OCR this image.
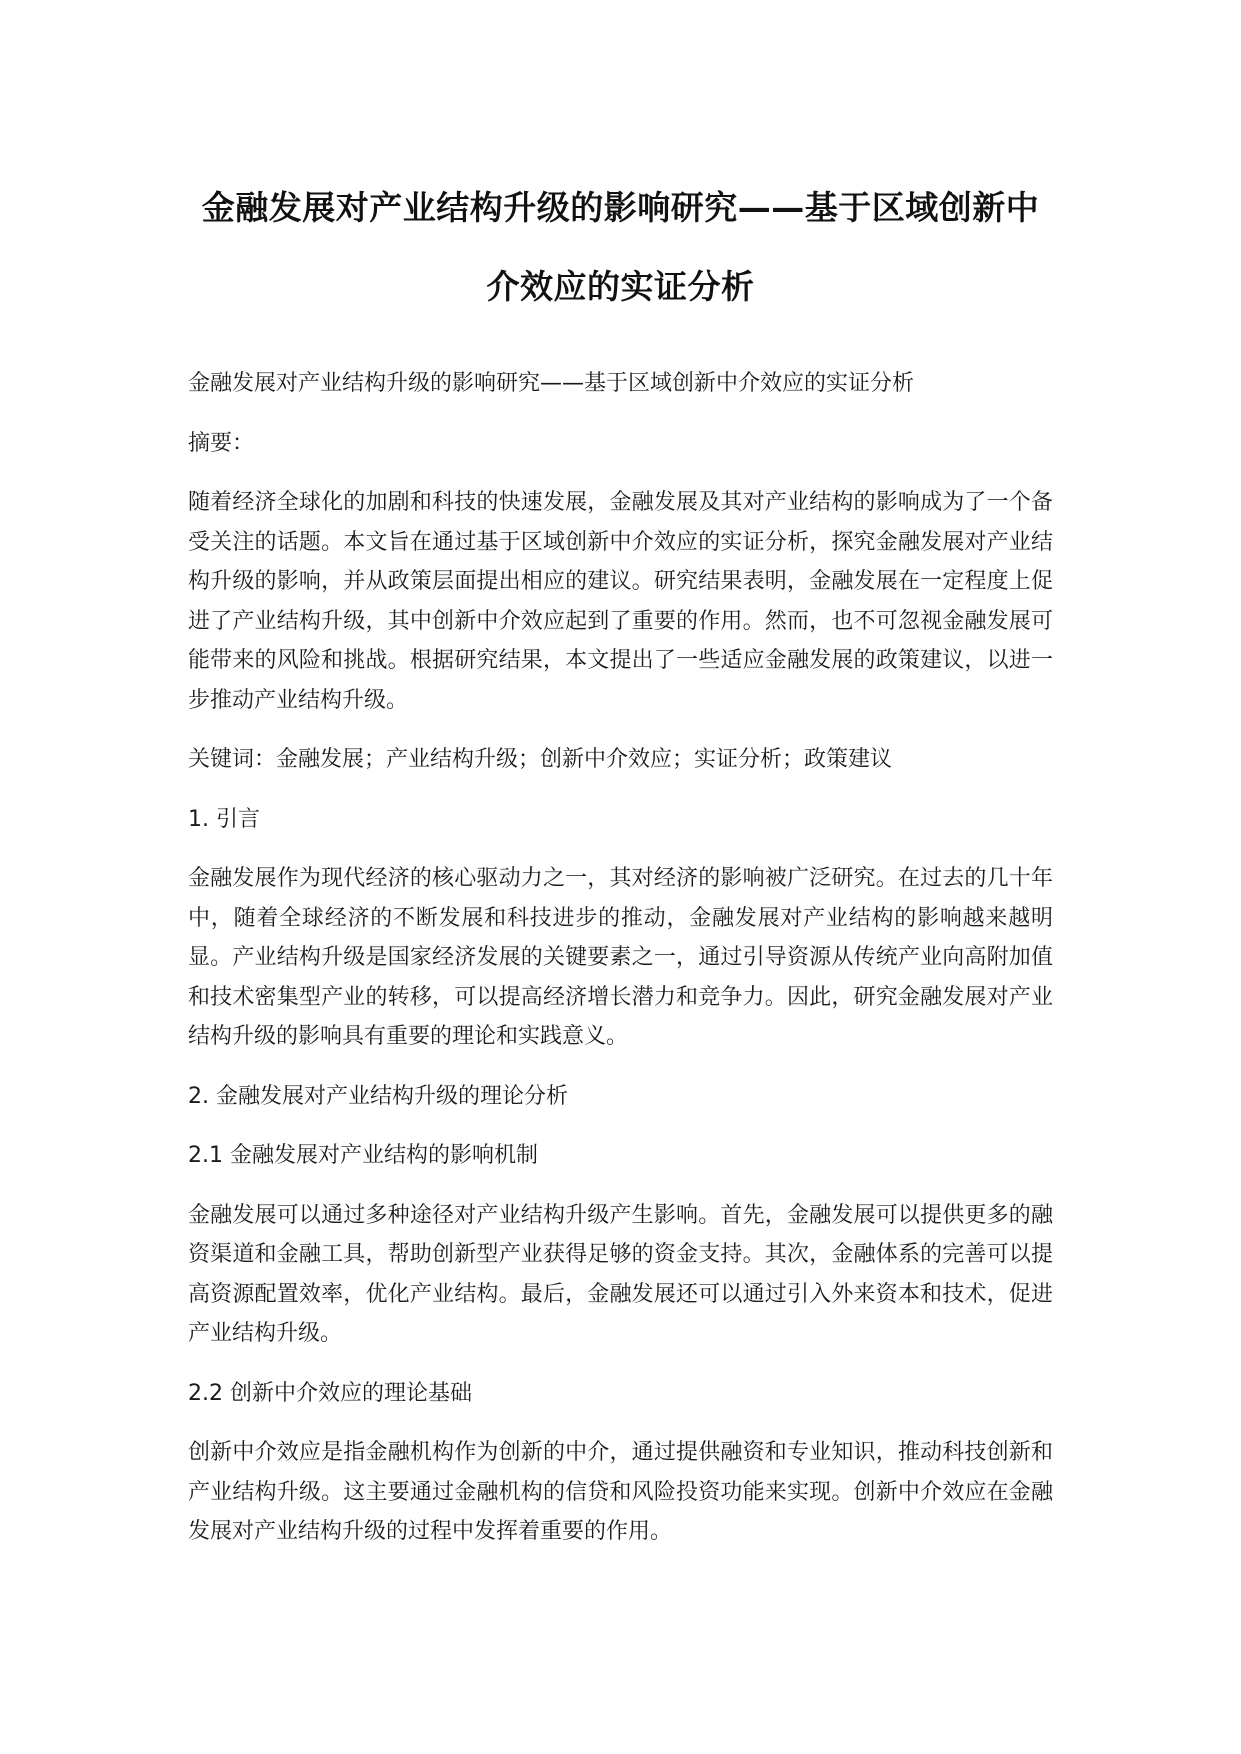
金融发展对产业结构升级的影响研究——基于区域创新中介效应的实证分析

金融发展对产业结构升级的影响研究——基于区域创新中介效应的实证分析

摘要：

随着经济全球化的加剧和科技的快速发展，金融发展及其对产业结构的影响成为了一个备受关注的话题。本文旨在通过基于区域创新中介效应的实证分析，探究金融发展对产业结构升级的影响，并从政策层面提出相应的建议。研究结果表明，金融发展在一定程度上促进了产业结构升级，其中创新中介效应起到了重要的作用。然而，也不可忽视金融发展可能带来的风险和挑战。根据研究结果，本文提出了一些适应金融发展的政策建议，以进一步推动产业结构升级。

关键词：金融发展；产业结构升级；创新中介效应；实证分析；政策建议

1. 引言

金融发展作为现代经济的核心驱动力之一，其对经济的影响被广泛研究。在过去的几十年中，随着全球经济的不断发展和科技进步的推动，金融发展对产业结构的影响越来越明显。产业结构升级是国家经济发展的关键要素之一，通过引导资源从传统产业向高附加值和技术密集型产业的转移，可以提高经济增长潜力和竞争力。因此，研究金融发展对产业结构升级的影响具有重要的理论和实践意义。

2. 金融发展对产业结构升级的理论分析

2.1 金融发展对产业结构的影响机制

金融发展可以通过多种途径对产业结构升级产生影响。首先，金融发展可以提供更多的融资渠道和金融工具，帮助创新型产业获得足够的资金支持。其次，金融体系的完善可以提高资源配置效率，优化产业结构。最后，金融发展还可以通过引入外来资本和技术，促进产业结构升级。

2.2 创新中介效应的理论基础

创新中介效应是指金融机构作为创新的中介，通过提供融资和专业知识，推动科技创新和产业结构升级。这主要通过金融机构的信贷和风险投资功能来实现。创新中介效应在金融发展对产业结构升级的过程中发挥着重要的作用。
